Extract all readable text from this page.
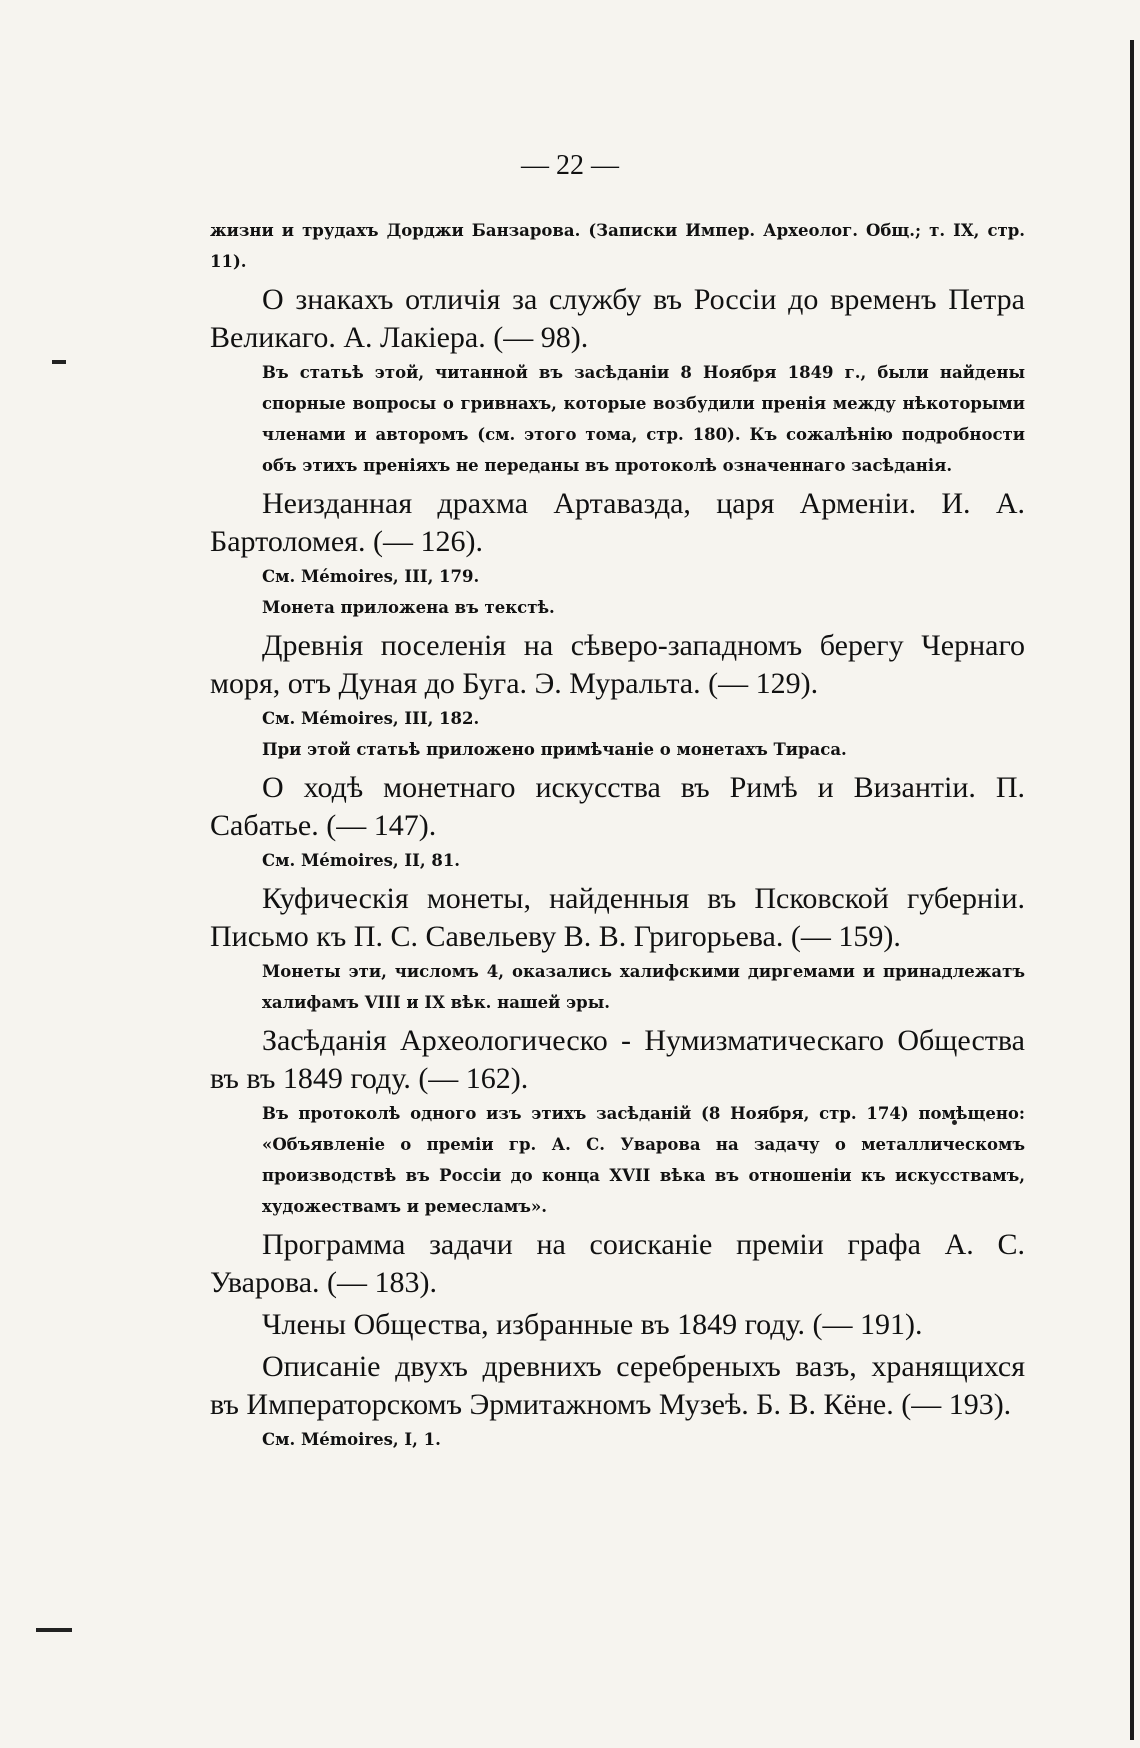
— 22 —

жизни и трудахъ Дорджи Банзарова. (Записки Импер. Археолог. Общ.; т. IX, стр. 11).

О знакахъ отличія за службу въ Россіи до временъ Петра Великаго. А. Лакіера. (— 98).

Въ статьѣ этой, читанной въ засѣданіи 8 Ноября 1849 г., были найдены спорные вопросы о гривнахъ, которые возбудили пренія между нѣкоторыми членами и авторомъ (см. этого тома, стр. 180). Къ сожалѣнію подробности объ этихъ преніяхъ не переданы въ протоколѣ означеннаго засѣданія.

Неизданная драхма Артавазда, царя Арменіи. И. А. Бартоломея. (— 126).

См. Mémoires, III, 179.

Монета приложена въ текстѣ.

Древнія поселенія на сѣверо-западномъ берегу Чернаго моря, отъ Дуная до Буга. Э. Муральта. (— 129).

См. Mémoires, III, 182.

При этой статьѣ приложено примѣчаніе о монетахъ Тираса.

О ходѣ монетнаго искусства въ Римѣ и Византіи. П. Сабатье. (— 147).

См. Mémoires, II, 81.

Куфическія монеты, найденныя въ Псковской губерніи. Письмо къ П. С. Савельеву В. В. Григорьева. (— 159).

Монеты эти, числомъ 4, оказались халифскими диргемами и принадлежатъ халифамъ VIII и IX вѣк. нашей эры.

Засѣданія Археологическо - Нумизматическаго Общества въ въ 1849 году. (— 162).

Въ протоколѣ одного изъ этихъ засѣданій (8 Ноября, стр. 174) помѣщено: «Объявленіе о преміи гр. А. С. Уварова на задачу о металлическомъ производствѣ въ Россіи до конца XVII вѣка въ отношеніи къ искусствамъ, художествамъ и ремесламъ».

Программа задачи на соисканіе преміи графа А. С. Уварова. (— 183).

Члены Общества, избранные въ 1849 году. (— 191).

Описаніе двухъ древнихъ серебреныхъ вазъ, хранящихся въ Императорскомъ Эрмитажномъ Музеѣ. Б. В. Кёне. (— 193).

См. Mémoires, I, 1.
